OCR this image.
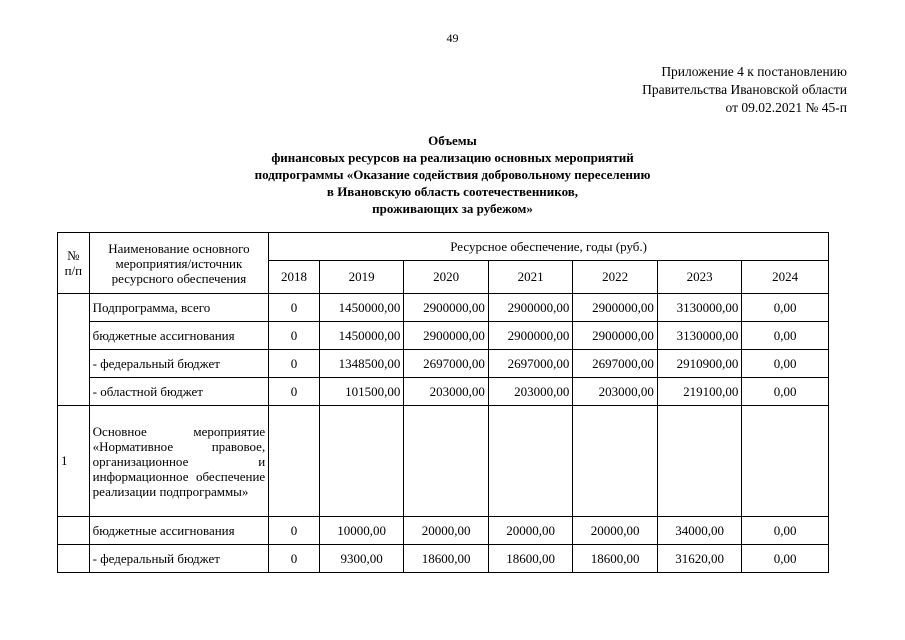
49
Приложение 4 к постановлению
Правительства Ивановской области
от 09.02.2021 № 45-п
Объемы
финансовых ресурсов на реализацию основных мероприятий
подпрограммы «Оказание содействия добровольному переселению
в Ивановскую область соотечественников,
проживающих за рубежом»
№ п/п	Наименование основного мероприятия/источник ресурсного обеспечения	Ресурсное обеспечение, годы (руб.)						
		2018	2019	2020	2021	2022	2023	2024
	Подпрограмма, всего	0	1450000,00	2900000,00	2900000,00	2900000,00	3130000,00	0,00
	бюджетные ассигнования	0	1450000,00	2900000,00	2900000,00	2900000,00	3130000,00	0,00
	- федеральный бюджет	0	1348500,00	2697000,00	2697000,00	2697000,00	2910900,00	0,00
	- областной бюджет	0	101500,00	203000,00	203000,00	203000,00	219100,00	0,00
1	Основное мероприятие «Нормативное правовое, организационное и информационное обеспечение реализации подпрограммы»							
	бюджетные ассигнования	0	10000,00	20000,00	20000,00	20000,00	34000,00	0,00
	- федеральный бюджет	0	9300,00	18600,00	18600,00	18600,00	31620,00	0,00
